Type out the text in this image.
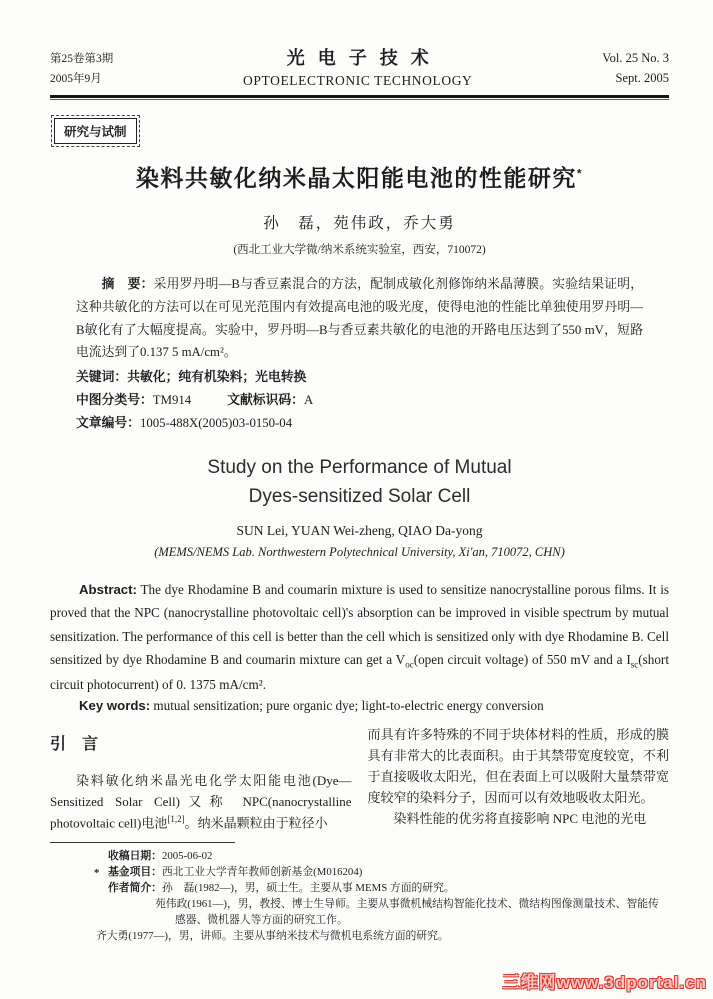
第25卷第3期
2005年9月
光电子技术
OPTOELECTRONIC TECHNOLOGY
Vol. 25 No. 3
Sept. 2005
研究与试制
染料共敏化纳米晶太阳能电池的性能研究*
孙　磊，苑伟政，乔大勇
(西北工业大学微/纳米系统实验室，西安，710072)

摘　要：采用罗丹明—B与香豆素混合的方法，配制成敏化剂修饰纳米晶薄膜。实验结果证明，这种共敏化的方法可以在可见光范围内有效提高电池的吸光度，使得电池的性能比单独使用罗丹明—B敏化有了大幅度提高。实验中，罗丹明—B与香豆素共敏化的电池的开路电压达到了550 mV，短路电流达到了0.137 5 mA/cm²。

关键词：共敏化；纯有机染料；光电转换
中图分类号：TM914	文献标识码：A
文章编号：1005-488X(2005)03-0150-04
Study on the Performance of Mutual
Dyes-sensitized Solar Cell
SUN Lei, YUAN Wei-zheng, QIAO Da-yong
(MEMS/NEMS Lab. Northwestern Polytechnical University, Xi'an, 710072, CHN)

Abstract: The dye Rhodamine B and coumarin mixture is used to sensitize nanocrystalline porous films. It is proved that the NPC (nanocrystalline photovoltaic cell)'s absorption can be improved in visible spectrum by mutual sensitization. The performance of this cell is better than the cell which is sensitized only with dye Rhodamine B. Cell sensitized by dye Rhodamine B and coumarin mixture can get a $V_{oc}(open$ circuit voltage) of 550 mV and a $I_{sc}(short$ circuit photocurrent) of 0. 1375 mA/cm².

Key words: mutual sensitization; pure organic dye; light-to-electric energy conversion

引　言

染料敏化纳米晶光电化学太阳能电池(Dye—Sensitized Solar Cell)又称 NPC(nanocrystalline photovoltaic cell)电池[1,2]。纳米晶颗粒由于粒径小

而具有许多特殊的不同于块体材料的性质，形成的膜具有非常大的比表面积。由于其禁带宽度较宽，不利于直接吸收太阳光，但在表面上可以吸附大量禁带宽度较窄的染料分子，因而可以有效地吸收太阳光。

染料性能的优劣将直接影响 NPC 电池的光电

收稿日期：2005-06-02
* 基金项目：西北工业大学青年教师创新基金(M016204)
作者简介：孙　磊(1982—)，男，硕士生。主要从事 MEMS 方面的研究。
苑伟政(1961—)，男，教授、博士生导师。主要从事微机械结构智能化技术、微结构图像测量技术、智能传感器、微机器人等方面的研究工作。
齐大勇(1977—)，男，讲师。主要从事纳米技术与微机电系统方面的研究。
三维网www.3dportal.cn
